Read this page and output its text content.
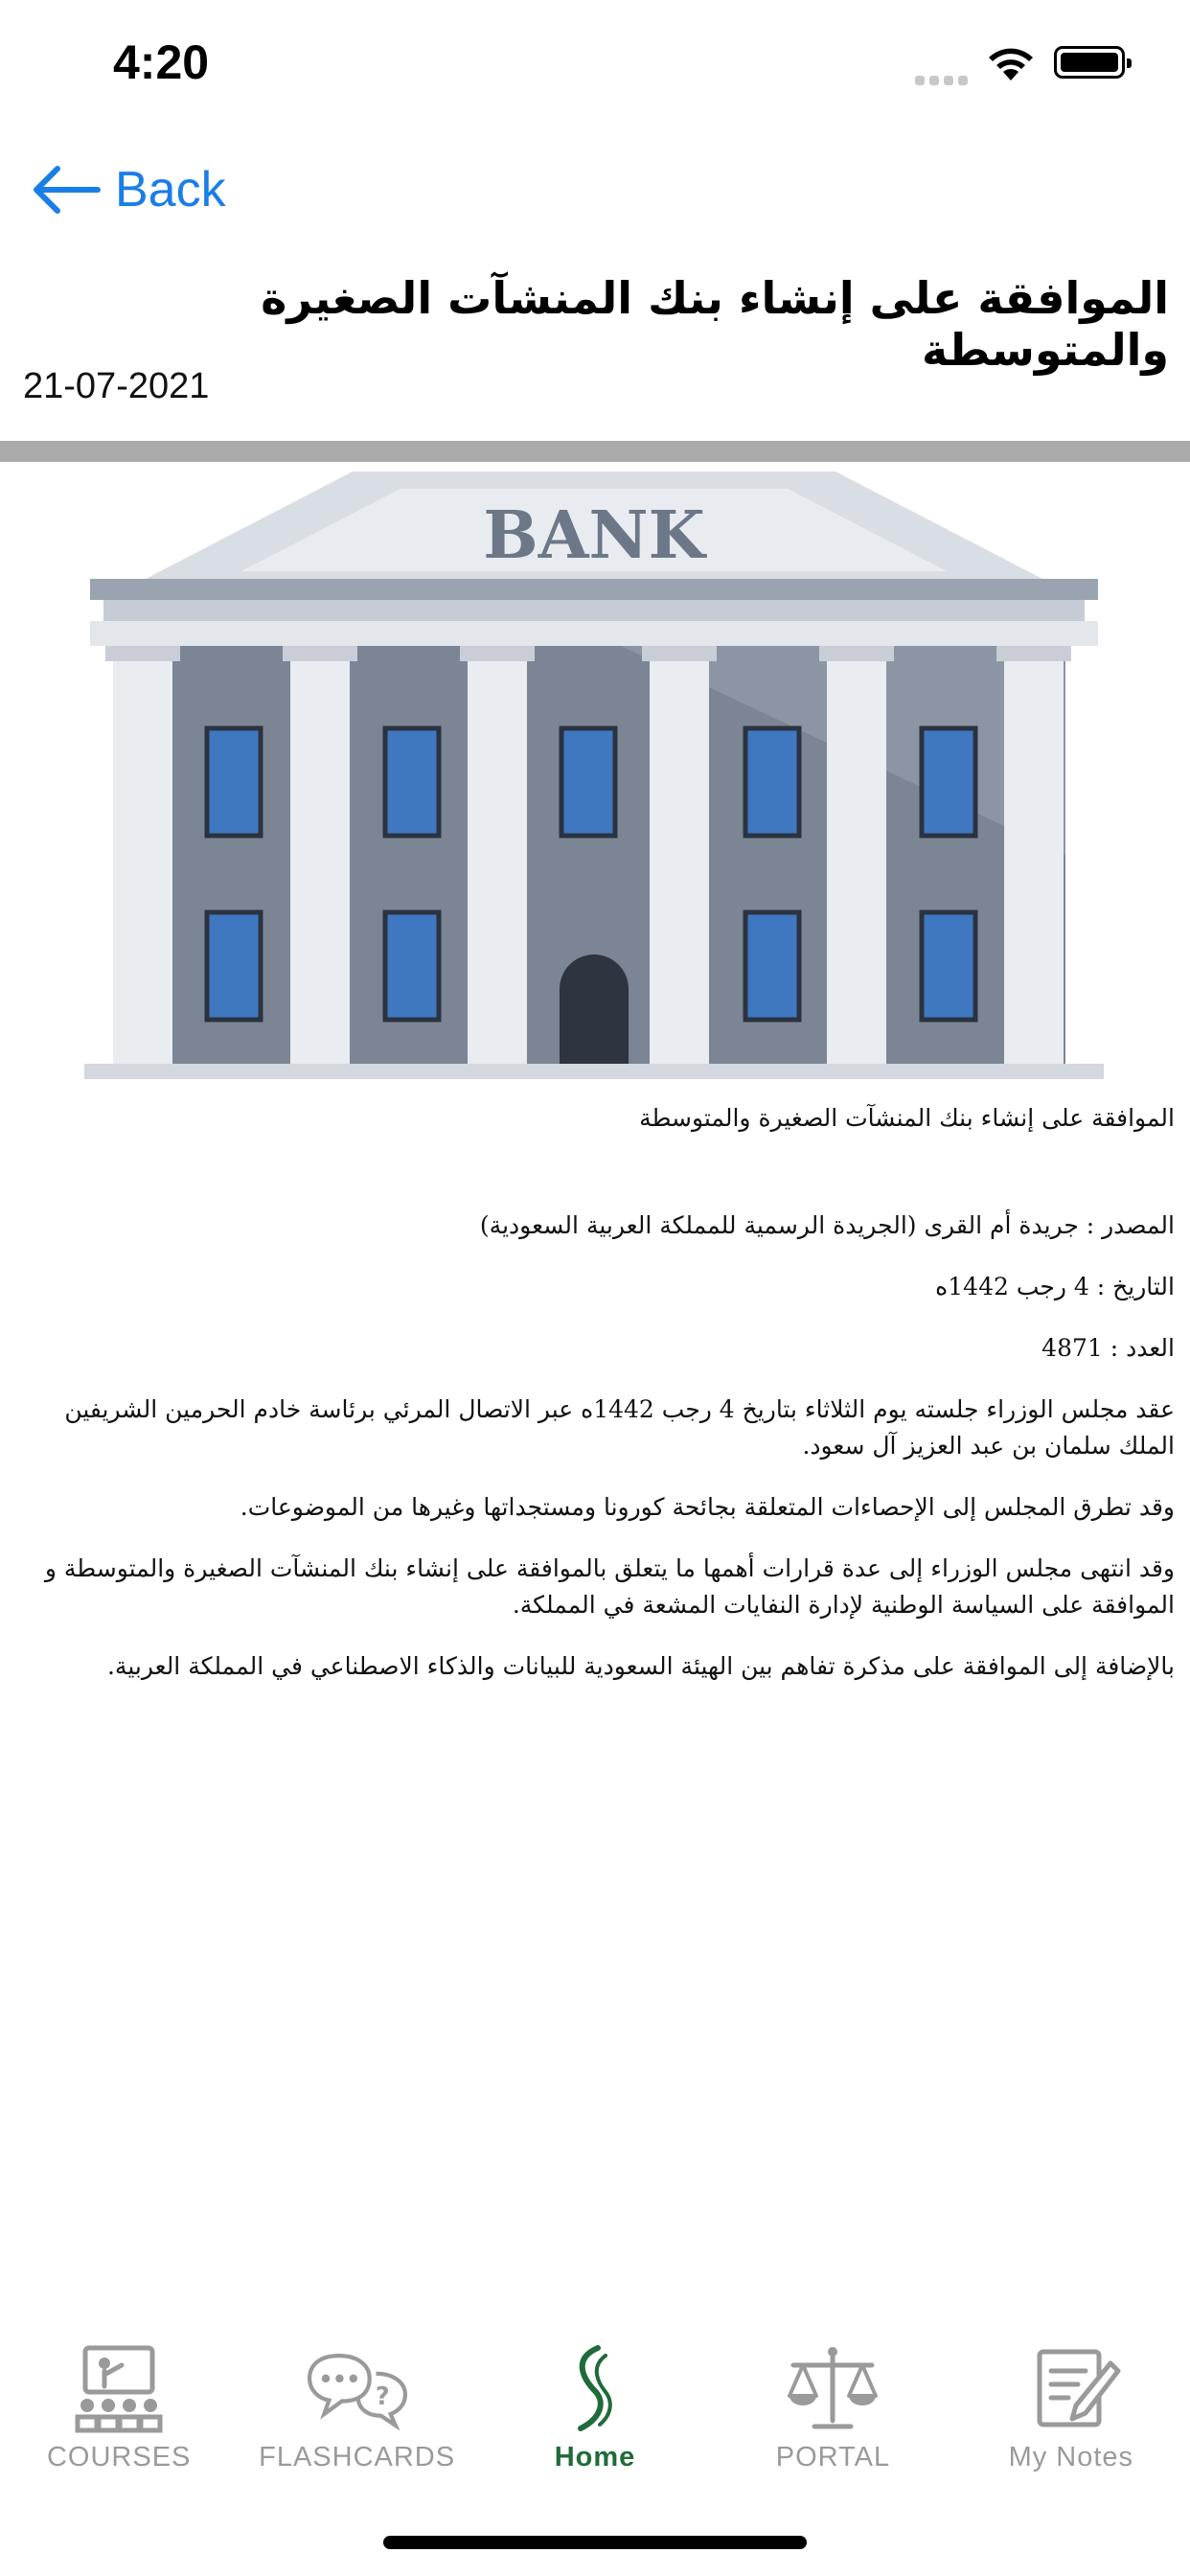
4:20
Back
الموافقة على إنشاء بنك المنشآت الصغيرة والمتوسطة
21-07-2021
BANK

الموافقة على إنشاء بنك المنشآت الصغيرة والمتوسطة

المصدر : جريدة أم القرى (الجريدة الرسمية للمملكة العربية السعودية)

التاريخ : 4 رجب 1442ه

العدد : 4871

عقد مجلس الوزراء جلسته يوم الثلاثاء بتاريخ 4 رجب 1442ه عبر الاتصال المرئي برئاسة خادم الحرمين الشريفين الملك سلمان بن عبد العزيز آل سعود.

وقد تطرق المجلس إلى الإحصاءات المتعلقة بجائحة كورونا ومستجداتها وغيرها من الموضوعات.

وقد انتهى مجلس الوزراء إلى عدة قرارات أهمها ما يتعلق بالموافقة على إنشاء بنك المنشآت الصغيرة والمتوسطة و الموافقة على السياسة الوطنية لإدارة النفايات المشعة في المملكة.

بالإضافة إلى الموافقة على مذكرة تفاهم بين الهيئة السعودية للبيانات والذكاء الاصطناعي في المملكة العربية.

COURSES
?
FLASHCARDS	Home	PORTAL	My Notes
